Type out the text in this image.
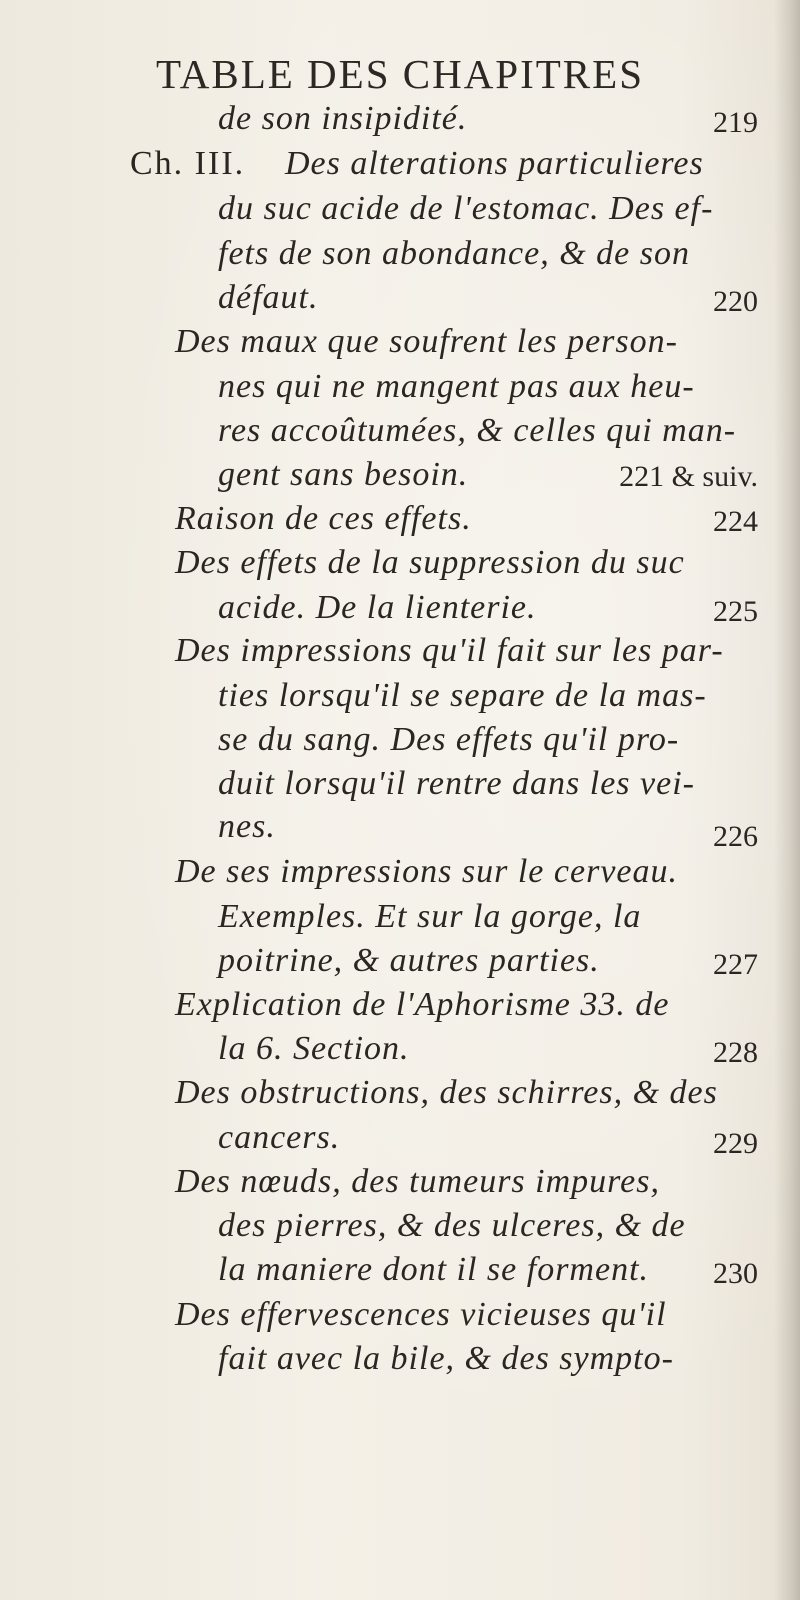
TABLE DES CHAPITRES
de son insipidité.	219
Ch. III. Des alterations particulieres
du suc acide de l'estomac. Des ef-
fets de son abondance, & de son
défaut.	220
Des maux que soufrent les person-
nes qui ne mangent pas aux heu-
res accoûtumées, & celles qui man-
gent sans besoin.	221 & suiv.
Raison de ces effets.	224
Des effets de la suppression du suc
acide. De la lienterie.	225
Des impressions qu'il fait sur les par-
ties lorsqu'il se separe de la mas-
se du sang. Des effets qu'il pro-
duit lorsqu'il rentre dans les vei-
nes.	226
De ses impressions sur le cerveau.
Exemples. Et sur la gorge, la
poitrine, & autres parties.	227
Explication de l'Aphorisme 33. de
la 6. Section.	228
Des obstructions, des schirres, & des
cancers.	229
Des nœuds, des tumeurs impures,
des pierres, & des ulceres, & de
la maniere dont il se forment. 230
Des effervescences vicieuses qu'il
fait avec la bile, & des sympto-
